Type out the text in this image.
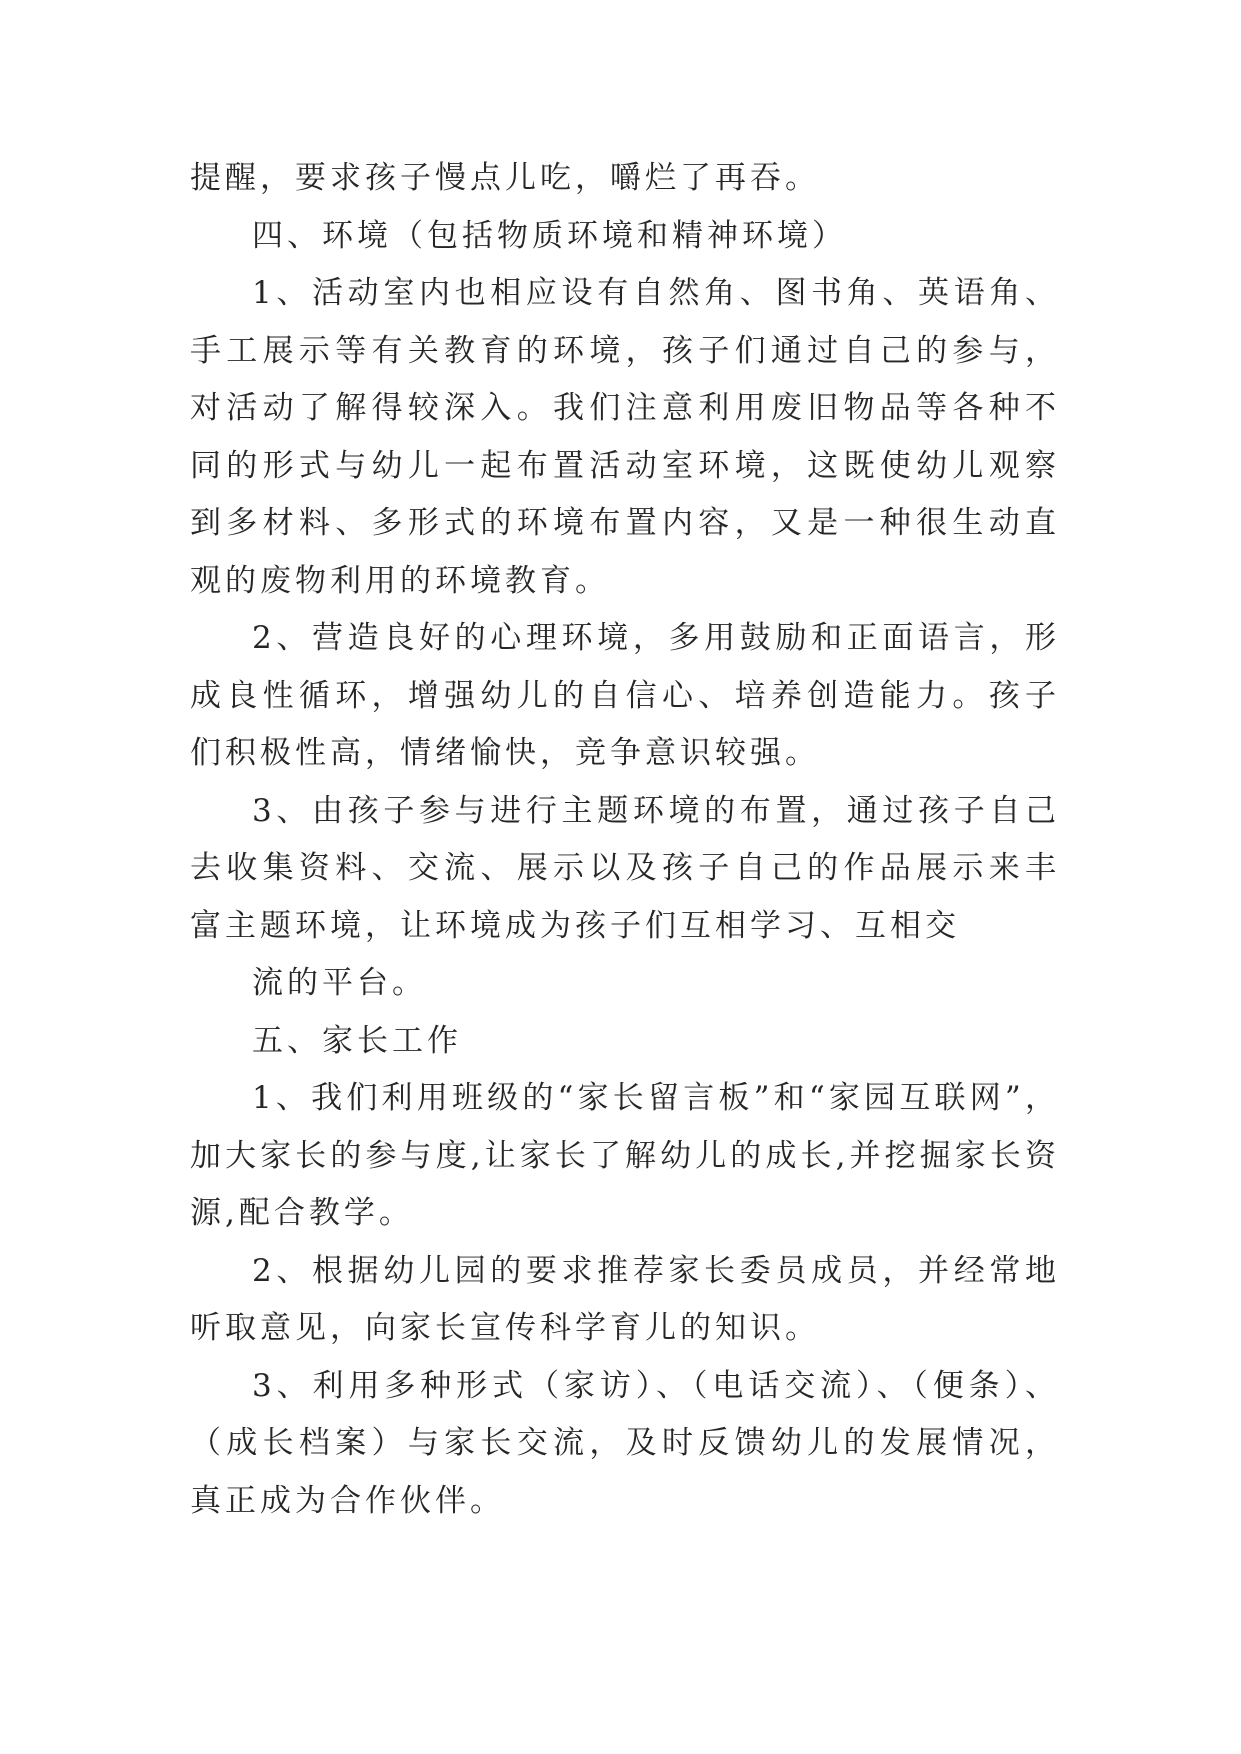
提醒，要求孩子慢点儿吃，嚼烂了再吞。

四、环境（包括物质环境和精神环境）

1、活动室内也相应设有自然角、图书角、英语角、手工展示等有关教育的环境，孩子们通过自己的参与，对活动了解得较深入。我们注意利用废旧物品等各种不同的形式与幼儿一起布置活动室环境，这既使幼儿观察到多材料、多形式的环境布置内容，又是一种很生动直观的废物利用的环境教育。

2、营造良好的心理环境，多用鼓励和正面语言，形成良性循环，增强幼儿的自信心、培养创造能力。孩子们积极性高，情绪愉快，竞争意识较强。

3、由孩子参与进行主题环境的布置，通过孩子自己去收集资料、交流、展示以及孩子自己的作品展示来丰富主题环境，让环境成为孩子们互相学习、互相交

流的平台。

五、家长工作

1、我们利用班级的“家长留言板”和“家园互联网”，加大家长的参与度,让家长了解幼儿的成长,并挖掘家长资源,配合教学。

2、根据幼儿园的要求推荐家长委员成员，并经常地听取意见，向家长宣传科学育儿的知识。

3、利用多种形式（家访）、（电话交流）、（便条）、（成长档案）与家长交流，及时反馈幼儿的发展情况，真正成为合作伙伴。
